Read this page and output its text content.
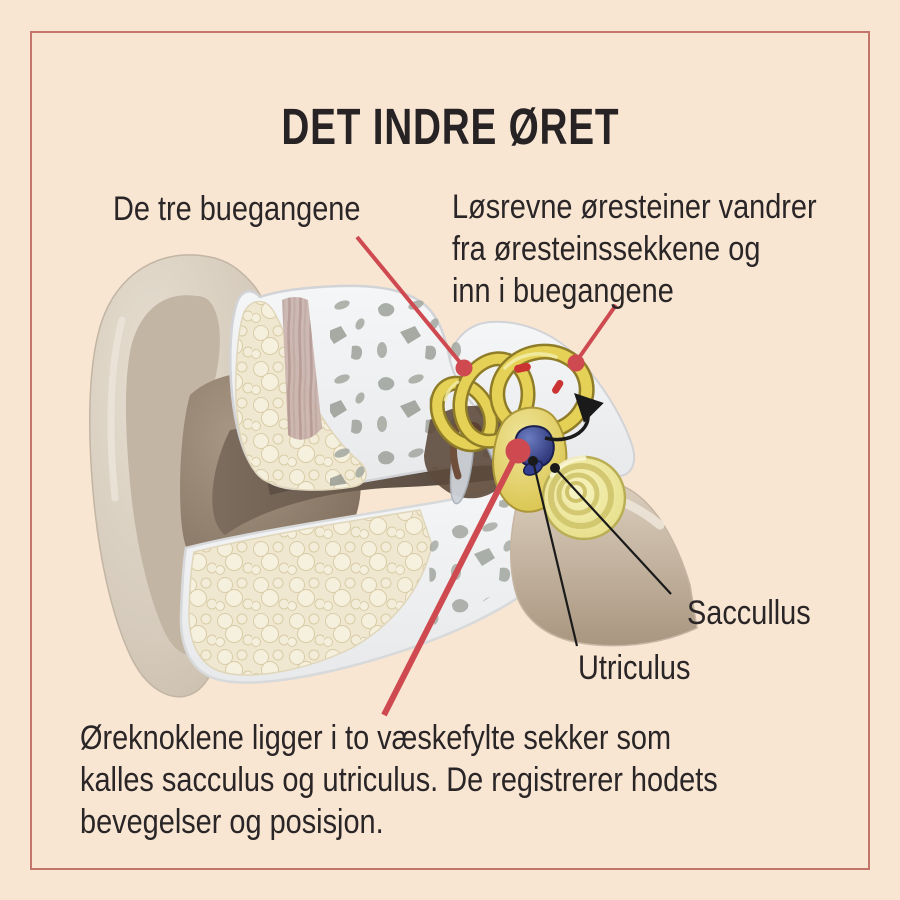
DET INDRE ØRET
De tre buegangene	Løsrevne øresteiner vandrer
fra øresteinssekkene og
inn i buegangene
Saccullus
Utriculus
Øreknoklene ligger i to væskefylte sekker som
kalles sacculus og utriculus. De registrerer hodets
bevegelser og posisjon.
